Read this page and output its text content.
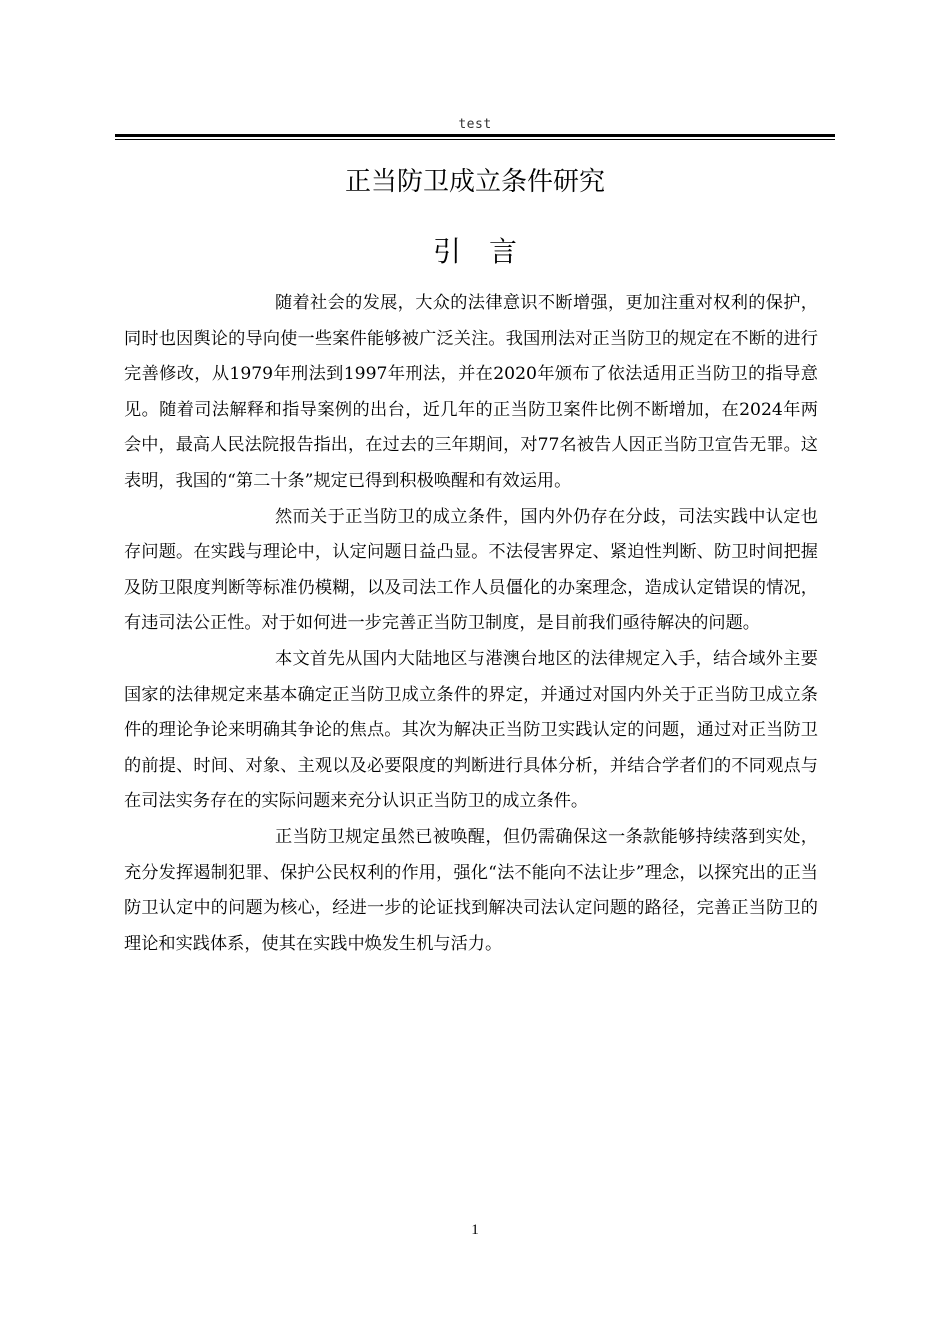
test
正当防卫成立条件研究
引言

随着社会的发展，大众的法律意识不断增强，更加注重对权利的保护，同时也因舆论的导向使一些案件能够被广泛关注。我国刑法对正当防卫的规定在不断的进行完善修改，从1979年刑法到1997年刑法，并在2020年颁布了依法适用正当防卫的指导意见。随着司法解释和指导案例的出台，近几年的正当防卫案件比例不断增加，在2024年两会中，最高人民法院报告指出，在过去的三年期间，对77名被告人因正当防卫宣告无罪。这表明，我国的“第二十条”规定已得到积极唤醒和有效运用。

然而关于正当防卫的成立条件，国内外仍存在分歧，司法实践中认定也存问题。在实践与理论中，认定问题日益凸显。不法侵害界定、紧迫性判断、防卫时间把握及防卫限度判断等标准仍模糊，以及司法工作人员僵化的办案理念，造成认定错误的情况，有违司法公正性。对于如何进一步完善正当防卫制度，是目前我们亟待解决的问题。

本文首先从国内大陆地区与港澳台地区的法律规定入手，结合域外主要国家的法律规定来基本确定正当防卫成立条件的界定，并通过对国内外关于正当防卫成立条件的理论争论来明确其争论的焦点。其次为解决正当防卫实践认定的问题，通过对正当防卫的前提、时间、对象、主观以及必要限度的判断进行具体分析，并结合学者们的不同观点与在司法实务存在的实际问题来充分认识正当防卫的成立条件。

正当防卫规定虽然已被唤醒，但仍需确保这一条款能够持续落到实处，充分发挥遏制犯罪、保护公民权利的作用，强化“法不能向不法让步”理念，以探究出的正当防卫认定中的问题为核心，经进一步的论证找到解决司法认定问题的路径，完善正当防卫的理论和实践体系，使其在实践中焕发生机与活力。

1
